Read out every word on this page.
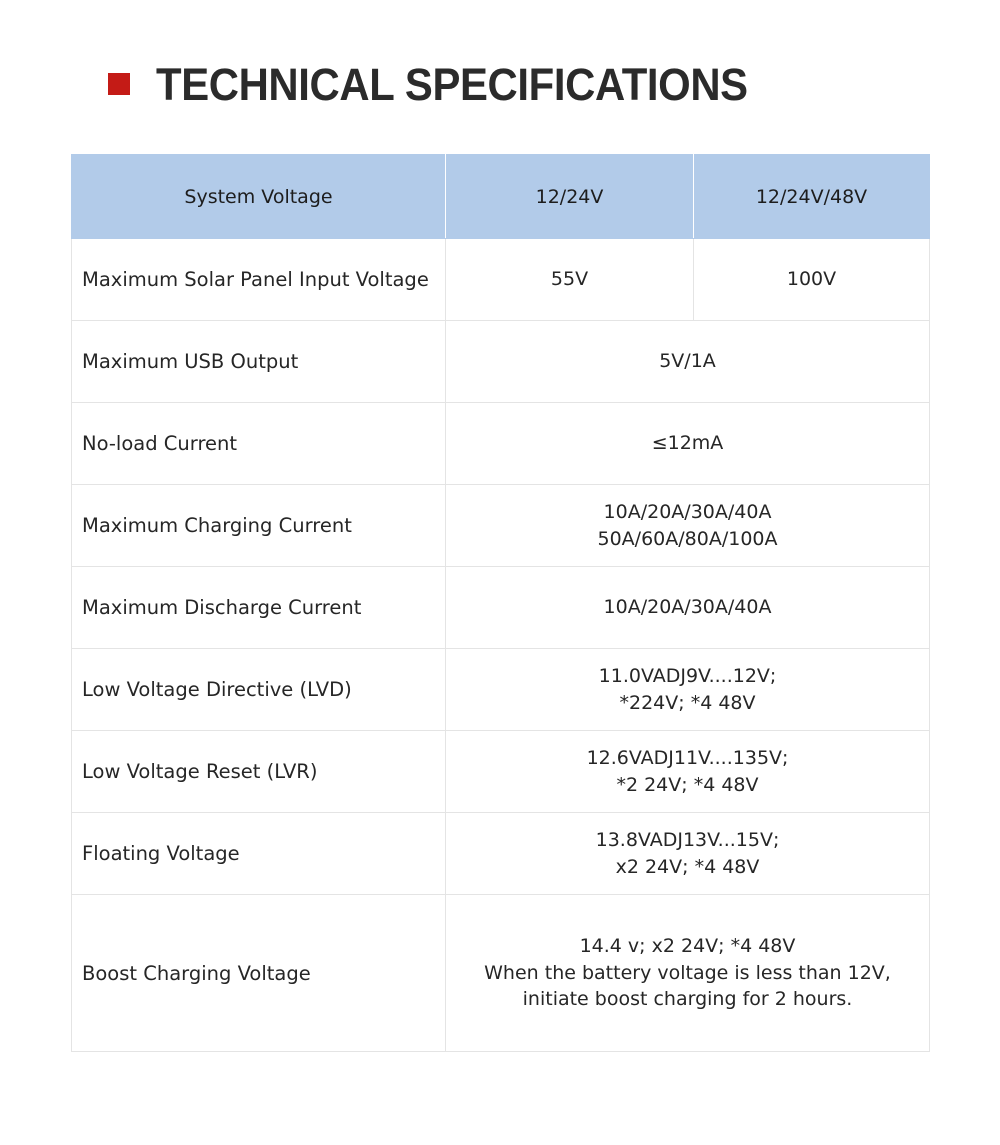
TECHNICAL SPECIFICATIONS
System Voltage	12/24V	12/24V/48V
Maximum Solar Panel Input Voltage	55V	100V
Maximum USB Output	5V/1A	
No-load Current	≤12mA	
Maximum Charging Current	10A/20A/30A/40A
50A/60A/80A/100A	

Maximum Discharge Current	10A/20A/30A/40A	
Low Voltage Directive (LVD)	11.0VADJ9V....12V;
*224V; *4 48V	

Low Voltage Reset (LVR)	12.6VADJ11V....135V;
*2 24V; *4 48V	

Floating Voltage	13.8VADJ13V...15V;
x2 24V; *4 48V	

Boost Charging Voltage	14.4 v; x2 24V; *4 48V
When the battery voltage is less than 12V,
initiate boost charging for 2 hours.	
